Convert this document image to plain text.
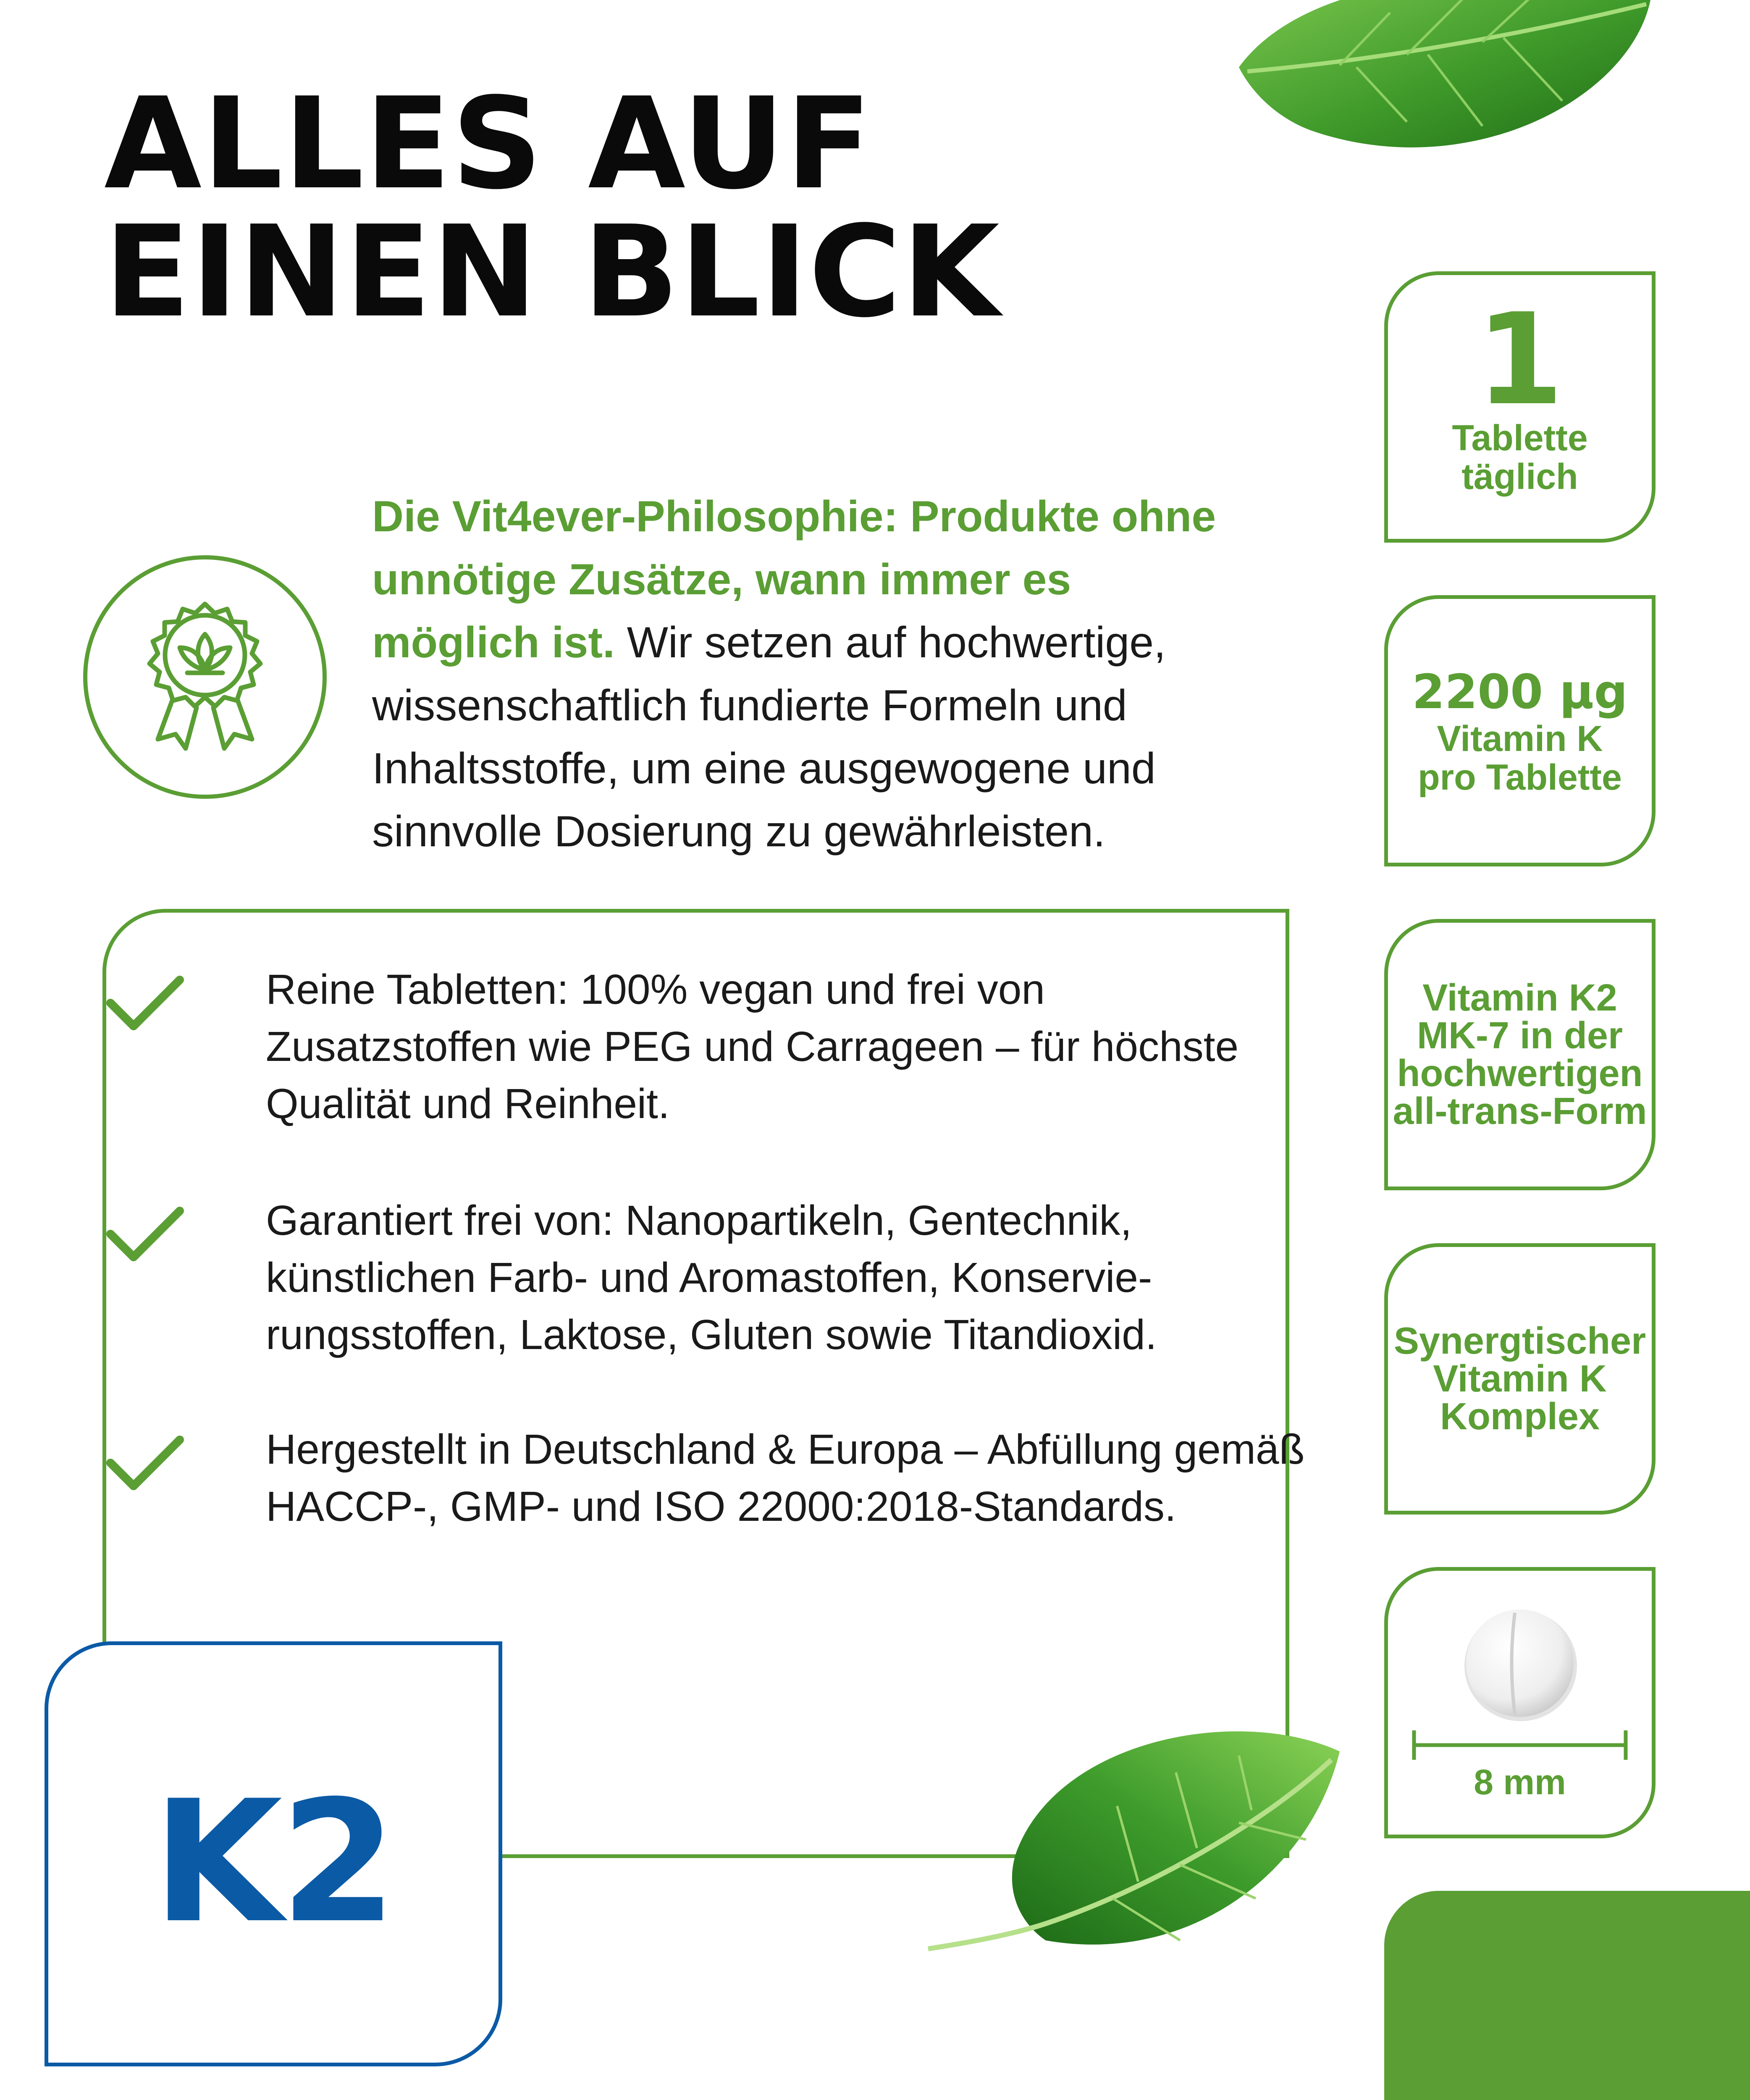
ALLES AUF
EINEN BLICK

Die Vit4ever-Philosophie: Produkte ohne unnötige Zusätze, wann immer es möglich ist. Wir setzen auf hochwertige, wissenschaftlich fundierte Formeln und Inhaltsstoffe, um eine ausgewogene und sinnvolle Dosierung zu gewährleisten.

Reine Tabletten: 100% vegan und frei von Zusatzstoffen wie PEG und Carrageen – für höchste Qualität und Reinheit.

Garantiert frei von: Nanopartikeln, Gentechnik, künstlichen Farb- und Aromastoffen, Konservie-rungsstoffen, Laktose, Gluten sowie Titandioxid.

Hergestellt in Deutschland & Europa – Abfüllung gemäß HACCP-, GMP- und ISO 22000:2018-Standards.

K2
1
Tablette
täglich
2200 µg
Vitamin K
pro Tablette
Vitamin K2
MK-7 in der
hochwertigen
all-trans-Form
Synergtischer
Vitamin K
Komplex
8 mm
